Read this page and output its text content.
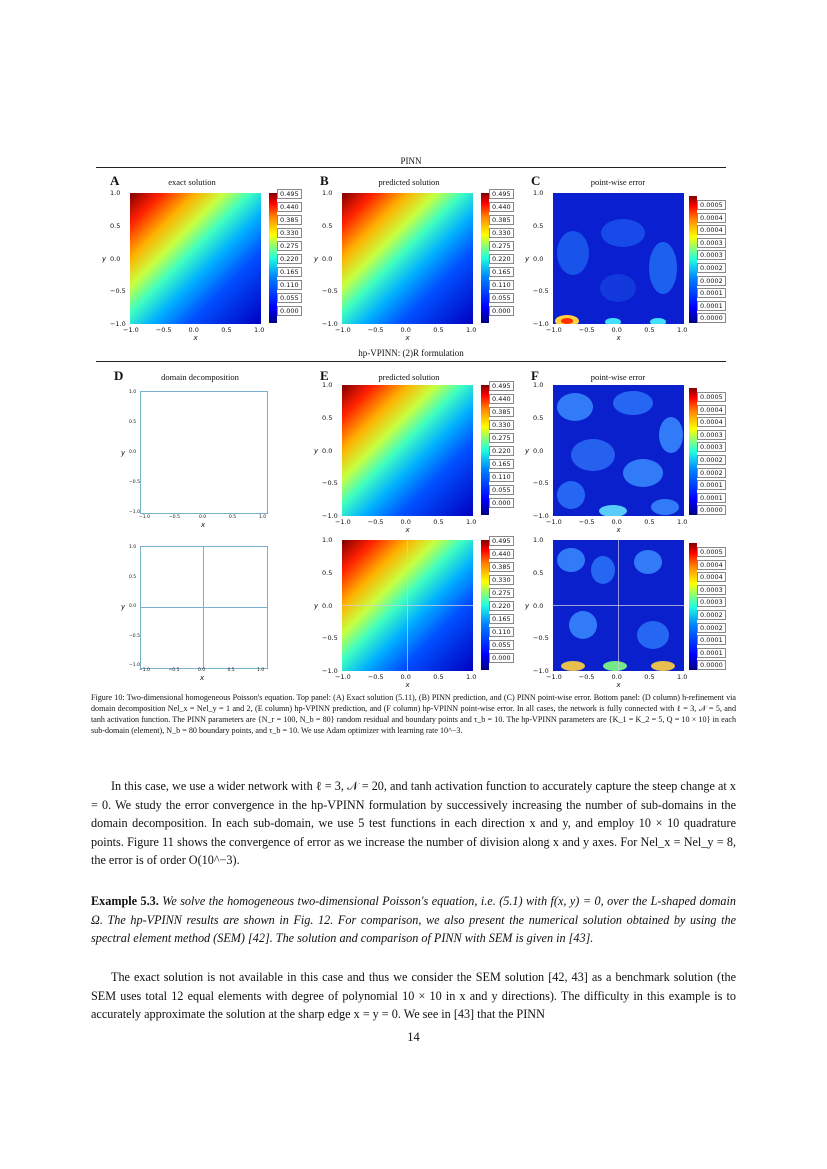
PINN
hp-VPINN: (2)R formulation
A	exact solution	B	predicted solution	C	point-wise error
D	domain decomposition	E	predicted solution	F	point-wise error
0.495
0.440
0.385
0.330
0.275
0.220
0.165
0.110
0.055
0.000
0.495
0.440
0.385
0.330
0.275
0.220
0.165
0.110
0.055
0.000
0.0005
0.0004
0.0004
0.0003
0.0003
0.0002
0.0002
0.0001
0.0001
0.0000
0.495
0.440
0.385
0.330
0.275
0.220
0.165
0.110
0.055
0.000
0.0005
0.0004
0.0004
0.0003
0.0003
0.0002
0.0002
0.0001
0.0001
0.0000
0.495
0.440
0.385
0.330
0.275
0.220
0.165
0.110
0.055
0.000
0.0005
0.0004
0.0004
0.0003
0.0003
0.0002
0.0002
0.0001
0.0001
0.0000
−1.0
1.0
−0.5
0.5
0.0
0.0
0.5
−0.5
1.0
−1.0
x
y
−1.0
1.0
−0.5
0.5
0.0
0.0
0.5
−0.5
1.0
−1.0
x
y
−1.0
1.0
−0.5
0.5
0.0
0.0
0.5
−0.5
1.0
−1.0
x
y
−1.0
1.0
−0.5
0.5
0.0
0.0
0.5
−0.5
1.0
−1.0
x
y
−1.0
1.0
−0.5
0.5
0.0
0.0
0.5
−0.5
1.0
−1.0
x
y
−1.0
1.0
−0.5
0.5
0.0
0.0
0.5
−0.5
1.0
−1.0
x
y
−1.0
1.0
−0.5
0.5
0.0
0.0
0.5
−0.5
1.0
−1.0
x
y
−1.0
1.0
−0.5
0.5
0.0
0.0
0.5
−0.5
1.0
−1.0
x
y
−1.0
1.0
−0.5
0.5
0.0
0.0
0.5
−0.5
1.0
−1.0
x
y
Figure 10: Two-dimensional homogeneous Poisson's equation. Top panel: (A) Exact solution (5.11), (B) PINN prediction, and (C) PINN point-wise error. Bottom panel: (D column) h-refinement via domain decomposition Nel_x = Nel_y = 1 and 2, (E column) hp-VPINN prediction, and (F column) hp-VPINN point-wise error. In all cases, the network is fully connected with ℓ = 3, 𝒩 = 5, and tanh activation function. The PINN parameters are {N_r = 100, N_b = 80} random residual and boundary points and τ_b = 10. The hp-VPINN parameters are {K_1 = K_2 = 5, Q = 10 × 10} in each sub-domain (element), N_b = 80 boundary points, and τ_b = 10. We use Adam optimizer with learning rate 10^−3.
In this case, we use a wider network with ℓ = 3, 𝒩 = 20, and tanh activation function to accurately capture the steep change at x = 0. We study the error convergence in the hp-VPINN formulation by successively increasing the number of sub-domains in the domain decomposition. In each sub-domain, we use 5 test functions in each direction x and y, and employ 10 × 10 quadrature points. Figure 11 shows the convergence of error as we increase the number of division along x and y axes. For Nel_x = Nel_y = 8, the error is of order O(10^−3).
Example 5.3. We solve the homogeneous two-dimensional Poisson's equation, i.e. (5.1) with f(x, y) = 0, over the L-shaped domain Ω. The hp-VPINN results are shown in Fig. 12. For comparison, we also present the numerical solution obtained by using the spectral element method (SEM) [42]. The solution and comparison of PINN with SEM is given in [43].
The exact solution is not available in this case and thus we consider the SEM solution [42, 43] as a benchmark solution (the SEM uses total 12 equal elements with degree of polynomial 10 × 10 in x and y directions). The difficulty in this example is to accurately approximate the solution at the sharp edge x = y = 0. We see in [43] that the PINN
14
